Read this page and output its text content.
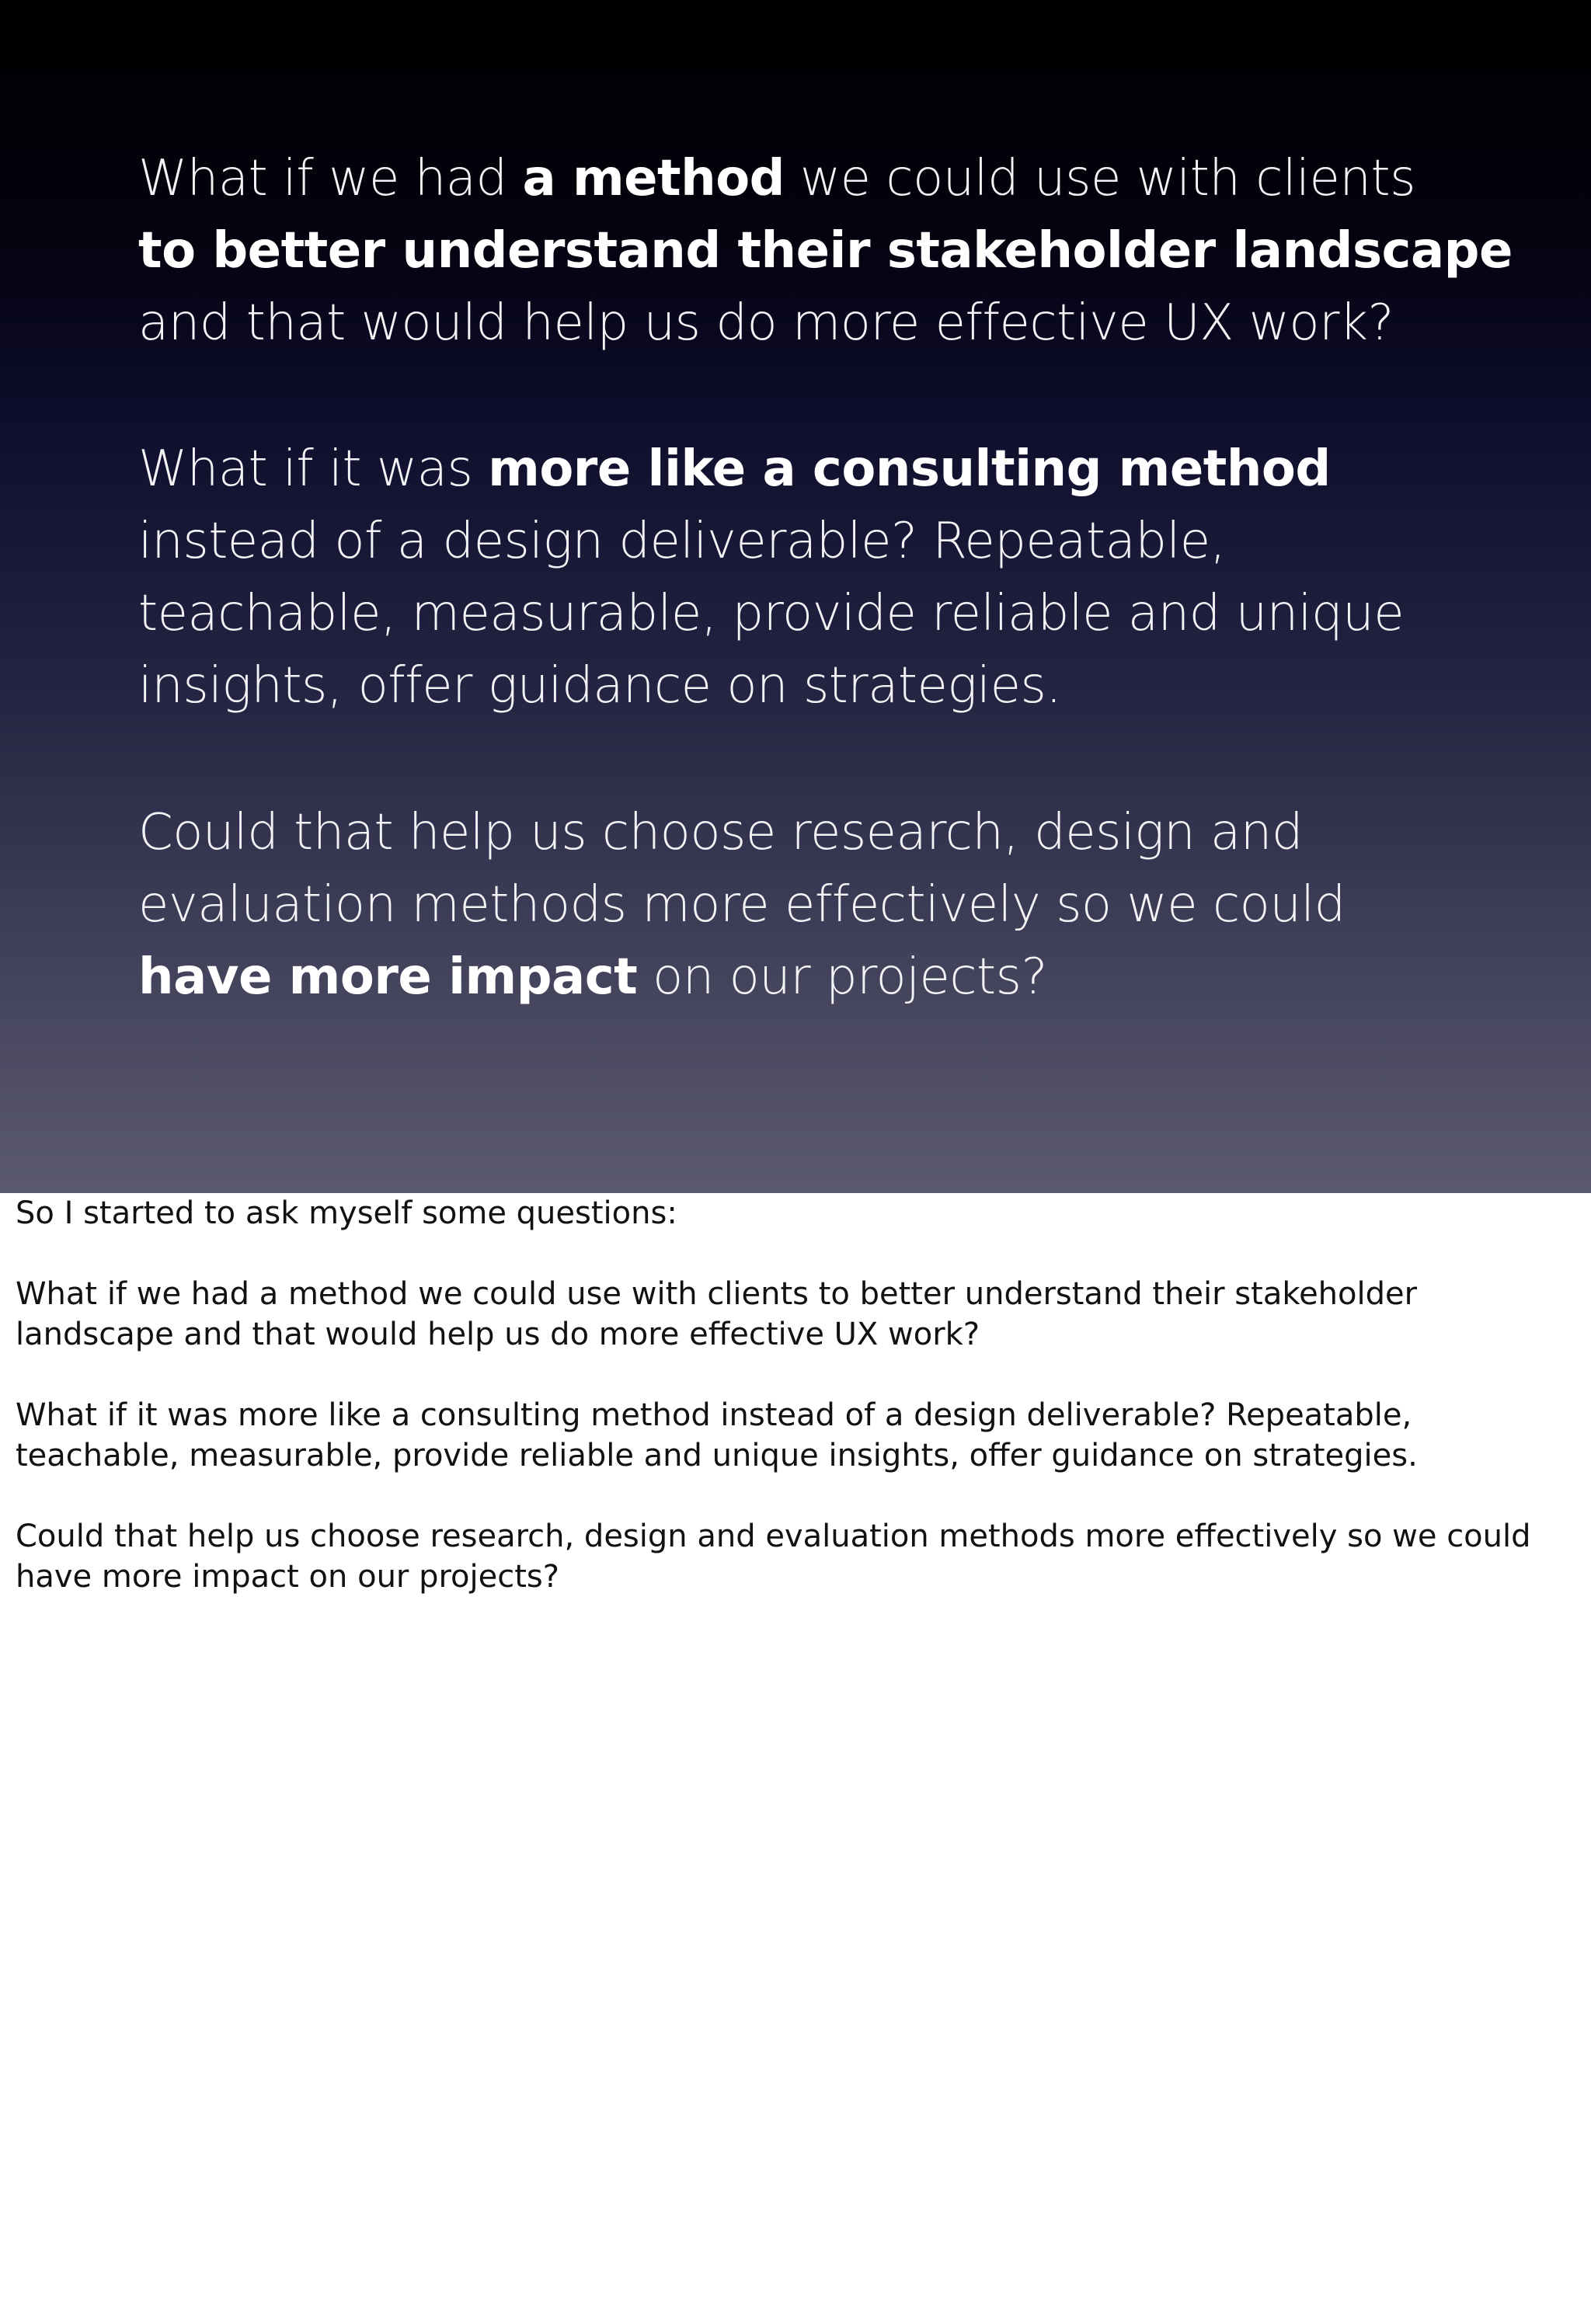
What if we had a method we could use with clients
to better understand their stakeholder landscape
and that would help us do more effective UX work?

What if it was more like a consulting method
instead of a design deliverable? Repeatable,
teachable, measurable, provide reliable and unique
insights, offer guidance on strategies.

Could that help us choose research, design and
evaluation methods more effectively so we could
have more impact on our projects?

So I started to ask myself some questions:

What if we had a method we could use with clients to better understand their stakeholder landscape and that would help us do more effective UX work?

What if it was more like a consulting method instead of a design deliverable? Repeatable, teachable, measurable, provide reliable and unique insights, offer guidance on strategies.

Could that help us choose research, design and evaluation methods more effectively so we could have more impact on our projects?
